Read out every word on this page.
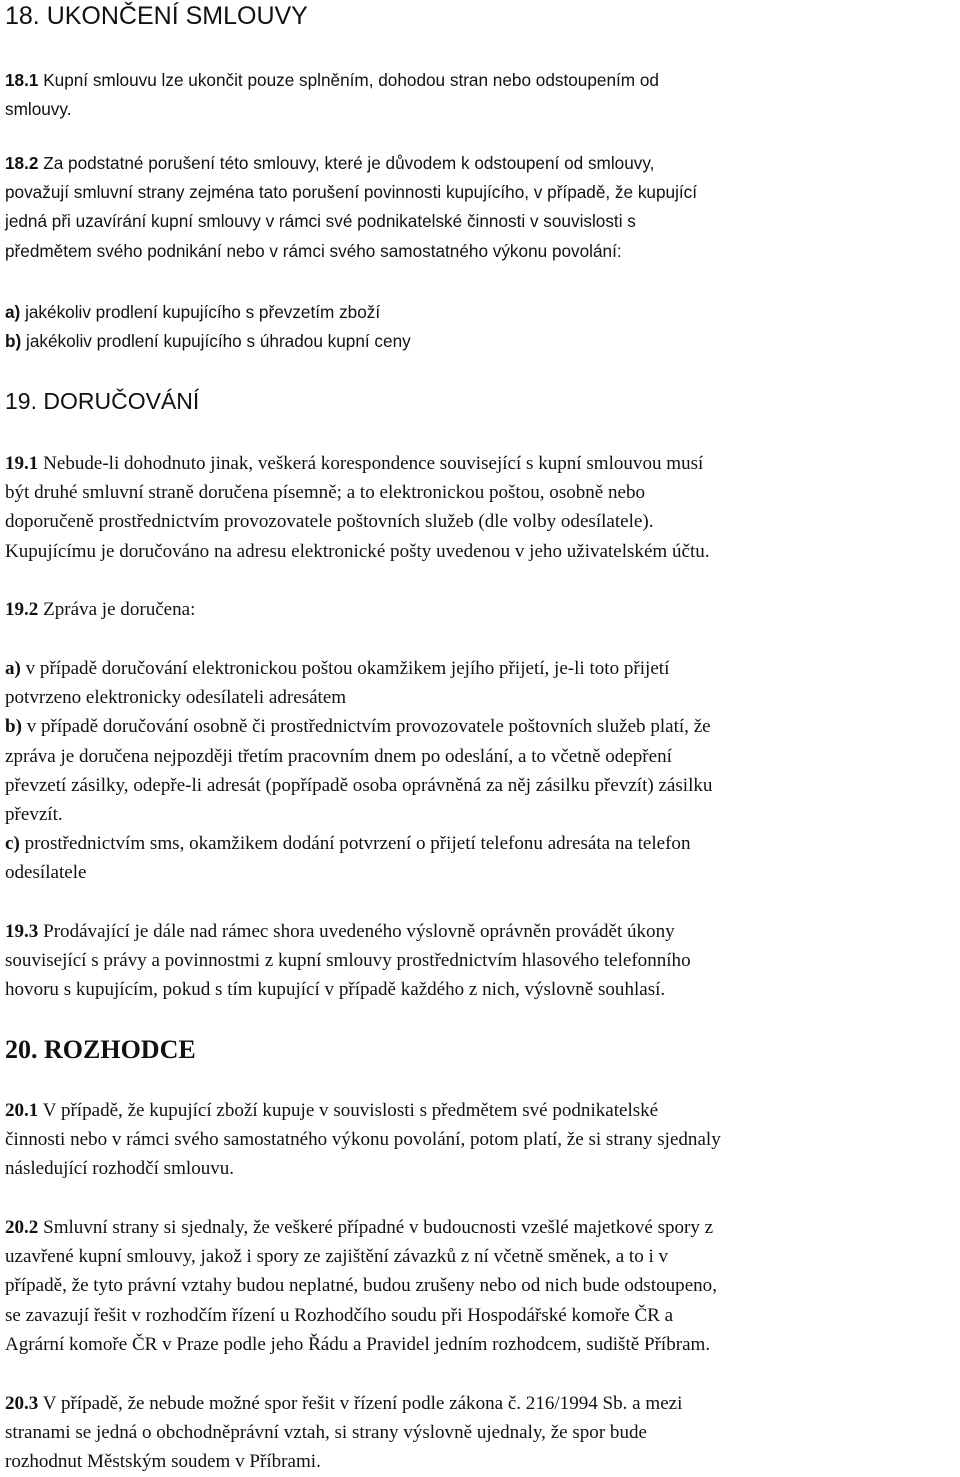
18. UKONČENÍ SMLOUVY
18.1 Kupní smlouvu lze ukončit pouze splněním, dohodou stran nebo odstoupením od
smlouvy.
18.2 Za podstatné porušení této smlouvy, které je důvodem k odstoupení od smlouvy,
považují smluvní strany zejména tato porušení povinnosti kupujícího, v případě, že kupující
jedná při uzavírání kupní smlouvy v rámci své podnikatelské činnosti v souvislosti s
předmětem svého podnikání nebo v rámci svého samostatného výkonu povolání:
a) jakékoliv prodlení kupujícího s převzetím zboží
b) jakékoliv prodlení kupujícího s úhradou kupní ceny
19. DORUČOVÁNÍ
19.1 Nebude-li dohodnuto jinak, veškerá korespondence související s kupní smlouvou musí
být druhé smluvní straně doručena písemně; a to elektronickou poštou, osobně nebo
doporučeně prostřednictvím provozovatele poštovních služeb (dle volby odesílatele).
Kupujícímu je doručováno na adresu elektronické pošty uvedenou v jeho uživatelském účtu.
19.2 Zpráva je doručena:
a) v případě doručování elektronickou poštou okamžikem jejího přijetí, je-li toto přijetí
potvrzeno elektronicky odesílateli adresátem
b) v případě doručování osobně či prostřednictvím provozovatele poštovních služeb platí, že
zpráva je doručena nejpozději třetím pracovním dnem po odeslání, a to včetně odepření
převzetí zásilky, odepře-li adresát (popřípadě osoba oprávněná za něj zásilku převzít) zásilku
převzít.
c) prostřednictvím sms, okamžikem dodání potvrzení o přijetí telefonu adresáta na telefon
odesílatele
19.3 Prodávající je dále nad rámec shora uvedeného výslovně oprávněn provádět úkony
související s právy a povinnostmi z kupní smlouvy prostřednictvím hlasového telefonního
hovoru s kupujícím, pokud s tím kupující v případě každého z nich, výslovně souhlasí.
20. ROZHODCE
20.1 V případě, že kupující zboží kupuje v souvislosti s předmětem své podnikatelské
činnosti nebo v rámci svého samostatného výkonu povolání, potom platí, že si strany sjednaly
následující rozhodčí smlouvu.
20.2 Smluvní strany si sjednaly, že veškeré případné v budoucnosti vzešlé majetkové spory z
uzavřené kupní smlouvy, jakož i spory ze zajištění závazků z ní včetně směnek, a to i v
případě, že tyto právní vztahy budou neplatné, budou zrušeny nebo od nich bude odstoupeno,
se zavazují řešit v rozhodčím řízení u Rozhodčího soudu při Hospodářské komoře ČR a
Agrární komoře ČR v Praze podle jeho Řádu a Pravidel jedním rozhodcem, sudiště Příbram.
20.3 V případě, že nebude možné spor řešit v řízení podle zákona č. 216/1994 Sb. a mezi
stranami se jedná o obchodněprávní vztah, si strany výslovně ujednaly, že spor bude
rozhodnut Městským soudem v Příbrami.
